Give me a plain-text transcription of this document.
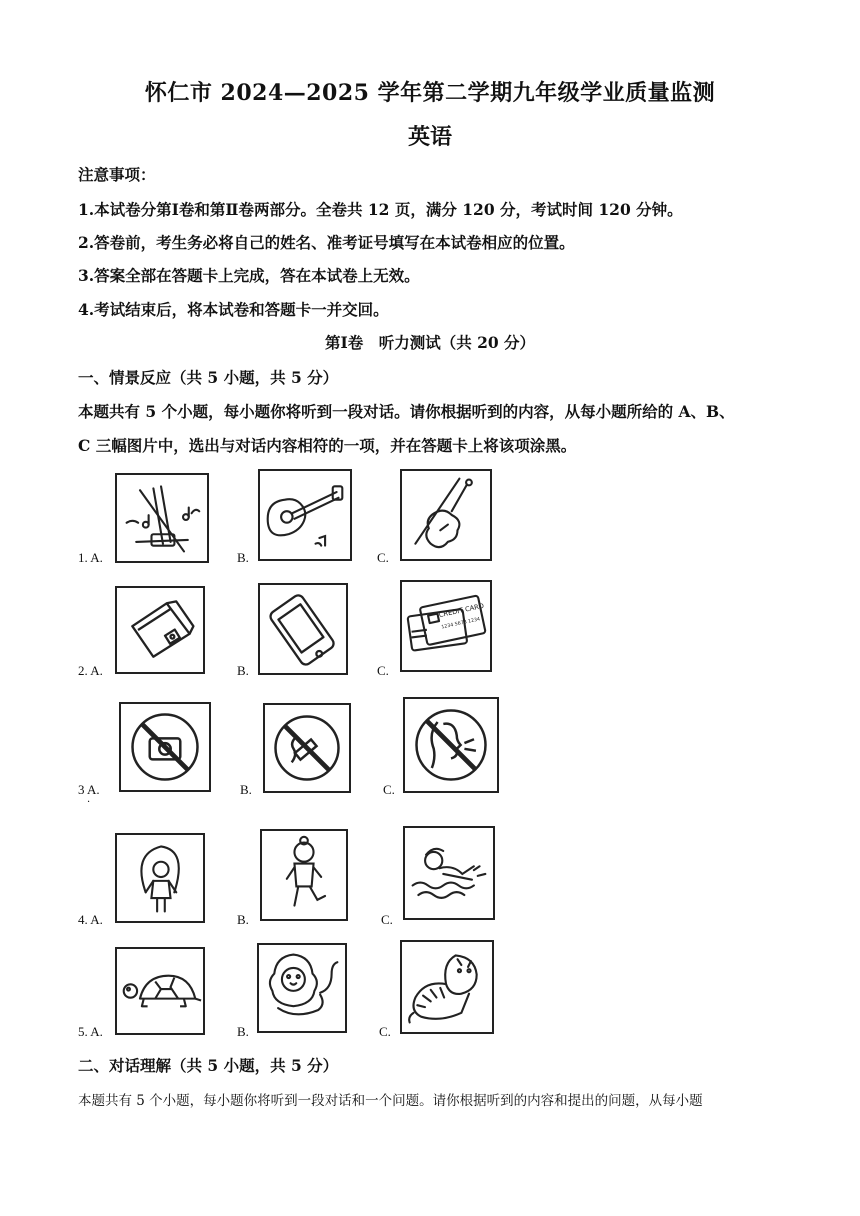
怀仁市 2024—2025 学年第二学期九年级学业质量监测
英语
注意事项：
1.本试卷分第Ⅰ卷和第Ⅱ卷两部分。全卷共 12 页，满分 120 分，考试时间 120 分钟。
2.答卷前，考生务必将自己的姓名、准考证号填写在本试卷相应的位置。
3.答案全部在答题卡上完成，答在本试卷上无效。
4.考试结束后，将本试卷和答题卡一并交回。
第Ⅰ卷　听力测试（共 20 分）
一、情景反应（共 5 小题，共 5 分）
本题共有 5 个小题，每小题你将听到一段对话。请你根据听到的内容，从每小题所给的 A、B、
C 三幅图片中，选出与对话内容相符的一项，并在答题卡上将该项涂黑。
1. A.	B.	C.
2. A.	B.	C.
CREDIT CARD
1234 5678 1234
3 A.
·
B.	C.
4. A.	B.	C.
5. A.	B.	C.
二、对话理解（共 5 小题，共 5 分）
本题共有 5 个小题，每小题你将听到一段对话和一个问题。请你根据听到的内容和提出的问题，从每小题
